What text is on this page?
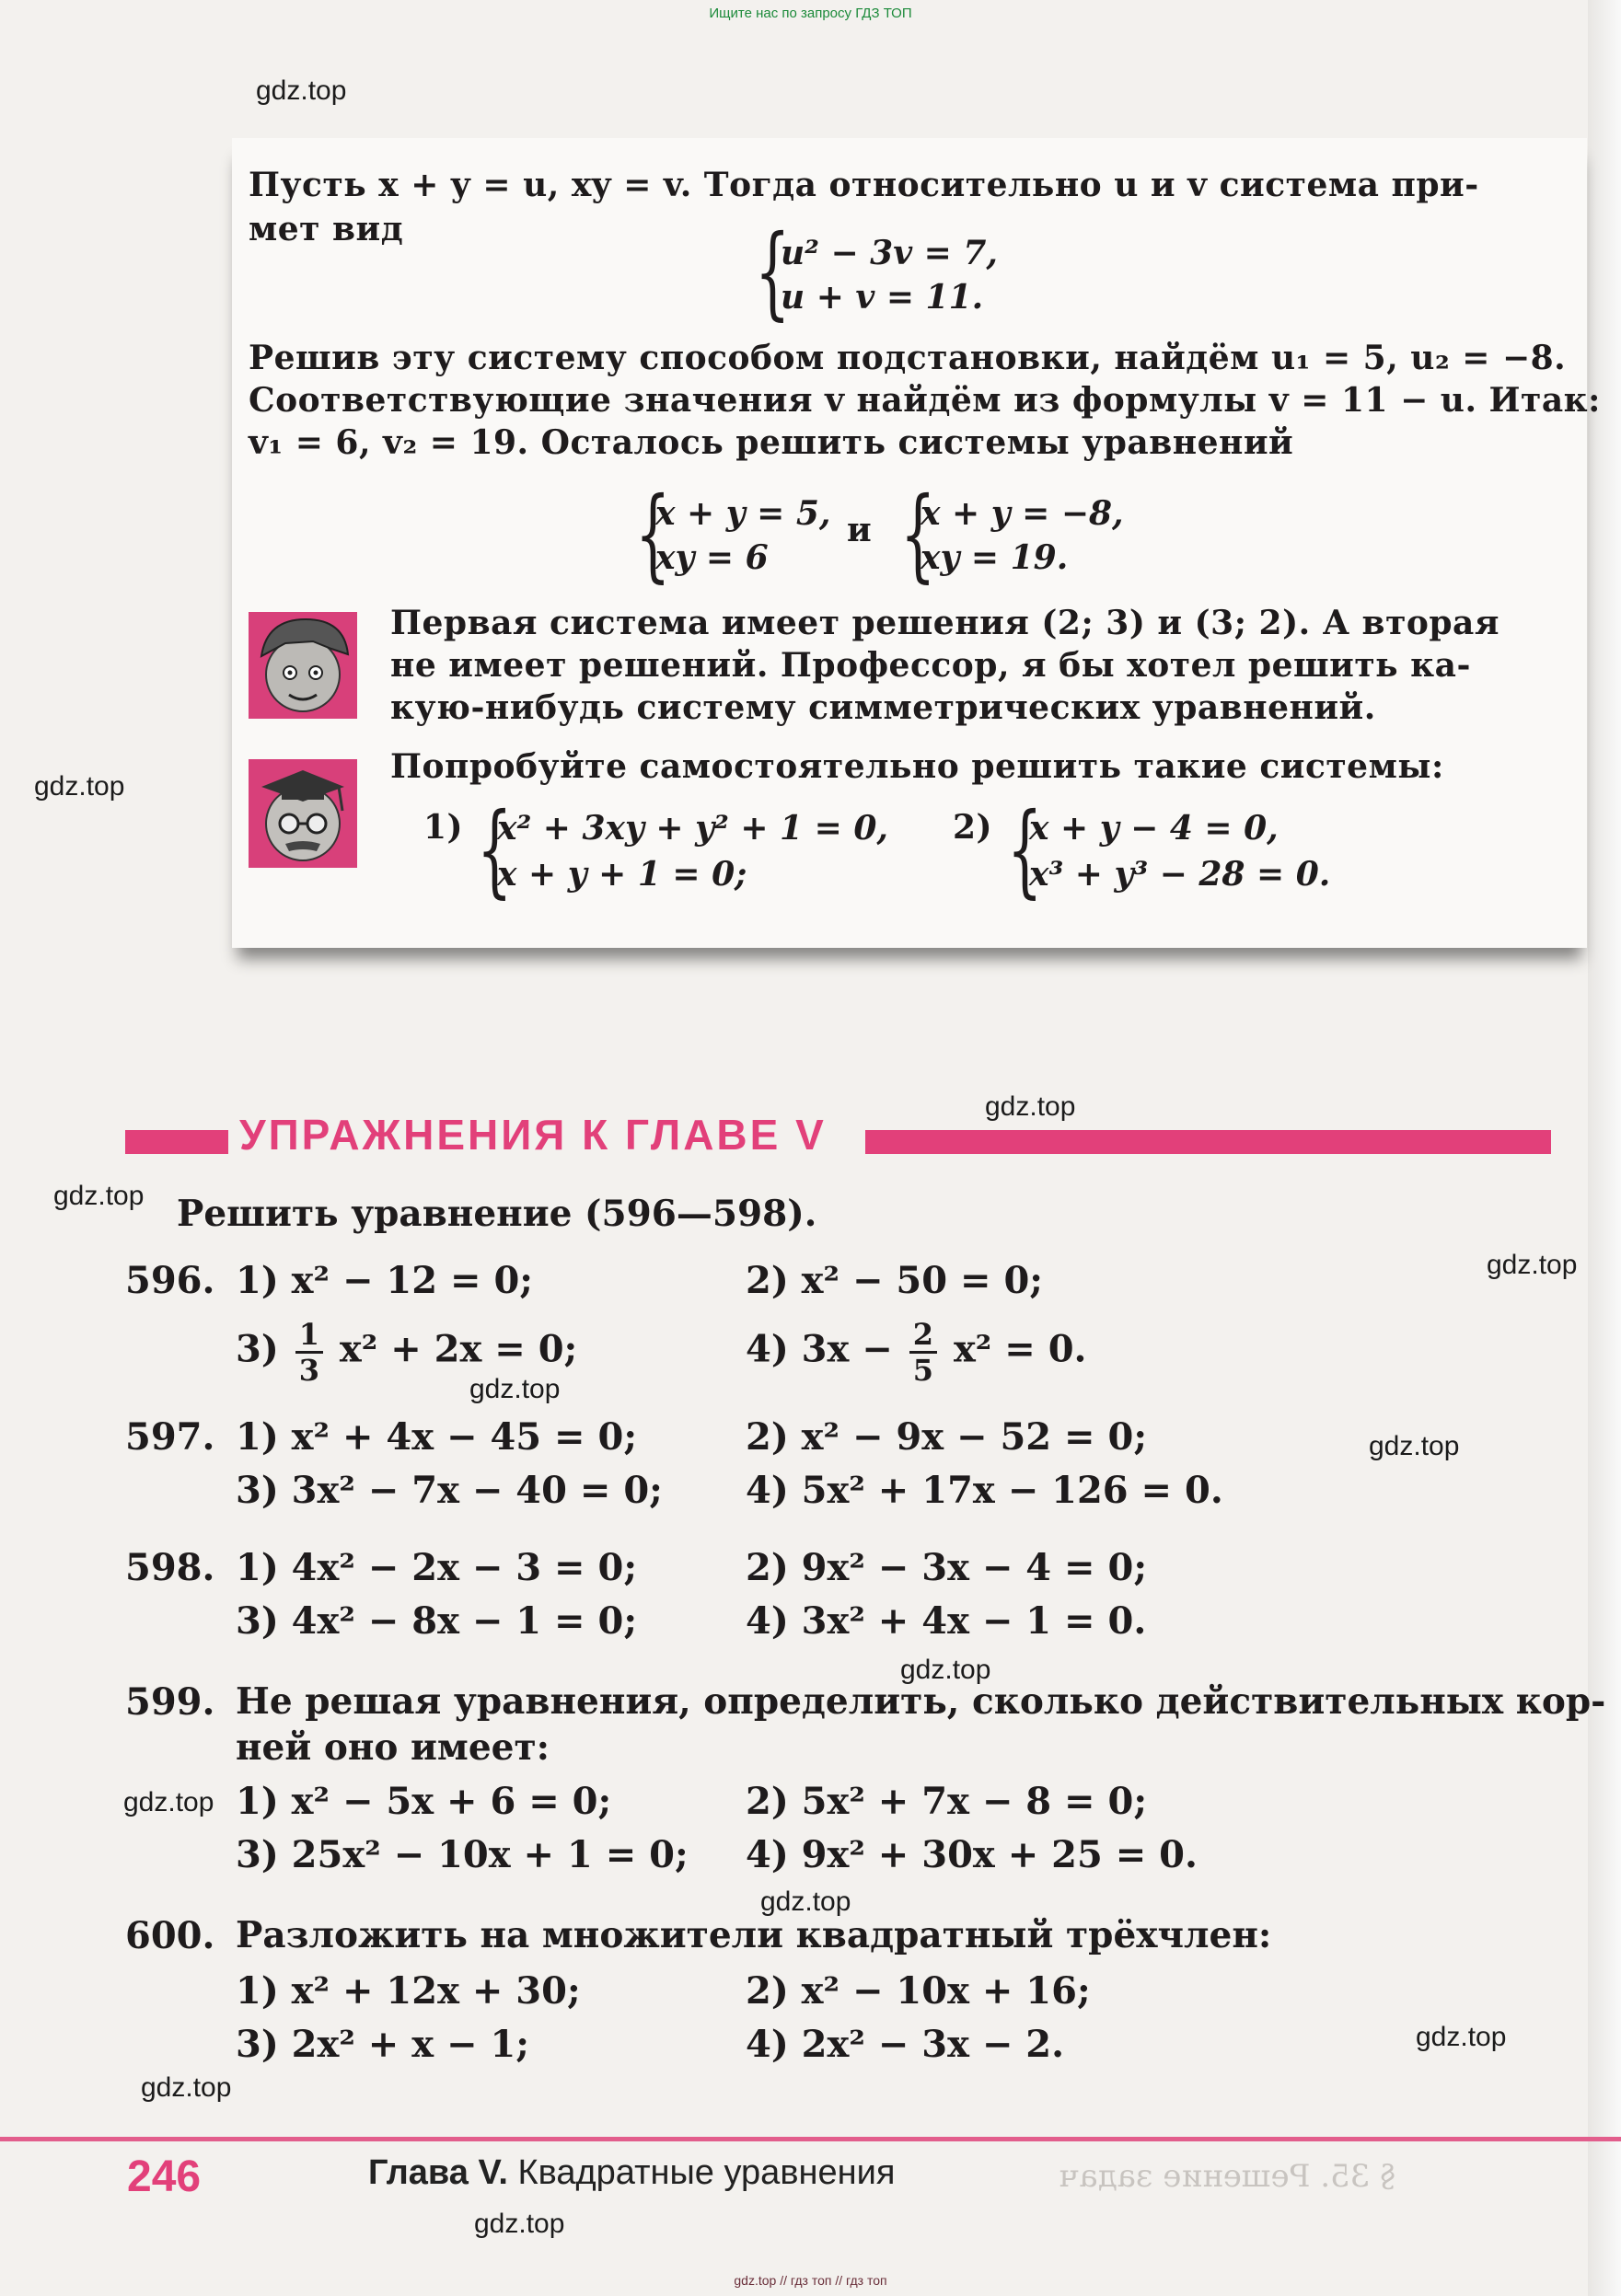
Ищите нас по запросу ГДЗ ТОП
gdz.top
gdz.top
gdz.top
gdz.top
gdz.top
gdz.top
gdz.top
gdz.top
gdz.top
gdz.top
gdz.top
gdz.top
gdz.top
Пусть x + y = u, xy = v. Тогда относительно u и v система при-
мет вид	{
u² − 3v = 7,
u + v = 11.
Решив эту систему способом подстановки, найдём u₁ = 5, u₂ = −8.
Соответствующие значения v найдём из формулы v = 11 − u. Итак:
v₁ = 6, v₂ = 19. Осталось решить системы уравнений
{
x + y = 5,
xy = 6
и {
x + y = −8,
xy = 19.
Первая система имеет решения (2; 3) и (3; 2). А вторая
не имеет решений. Профессор, я бы хотел решить ка-
кую-нибудь систему симметрических уравнений.
Попробуйте самостоятельно решить такие системы:
1) {
x² + 3xy + y² + 1 = 0,
x + y + 1 = 0;
2) {
x + y − 4 = 0,
x³ + y³ − 28 = 0.
УПРАЖНЕНИЯ К ГЛАВЕ V
Решить уравнение (596—598).
596. 1) x² − 12 = 0;	2) x² − 50 = 0;
$3) \frac{1}{3} x^2 + 2x = 0$;	4) $3x - \frac{2}{5} x^2 = 0$.
597. 1) x² + 4x − 45 = 0;	2) x² − 9x − 52 = 0;
3) 3x² − 7x − 40 = 0; 4) 5x² + 17x − 126 = 0.
598. 1) 4x² − 2x − 3 = 0;	2) 9x² − 3x − 4 = 0;
3) 4x² − 8x − 1 = 0;	4) 3x² + 4x − 1 = 0.
599. Не решая уравнения, определить, сколько действительных кор-
ней оно имеет:
1) x² − 5x + 6 = 0;	2) 5x² + 7x − 8 = 0;
3) 25x² − 10x + 1 = 0; 4) 9x² + 30x + 25 = 0.
600. Разложить на множители квадратный трёхчлен:
1) x² + 12x + 30;	2) x² − 10x + 16;
3) 2x² + x − 1;	4) 2x² − 3x − 2.
246	Глава V. Квадратные уравнения	§ 35. Решение задач
gdz.top // гдз топ // гдз топ
